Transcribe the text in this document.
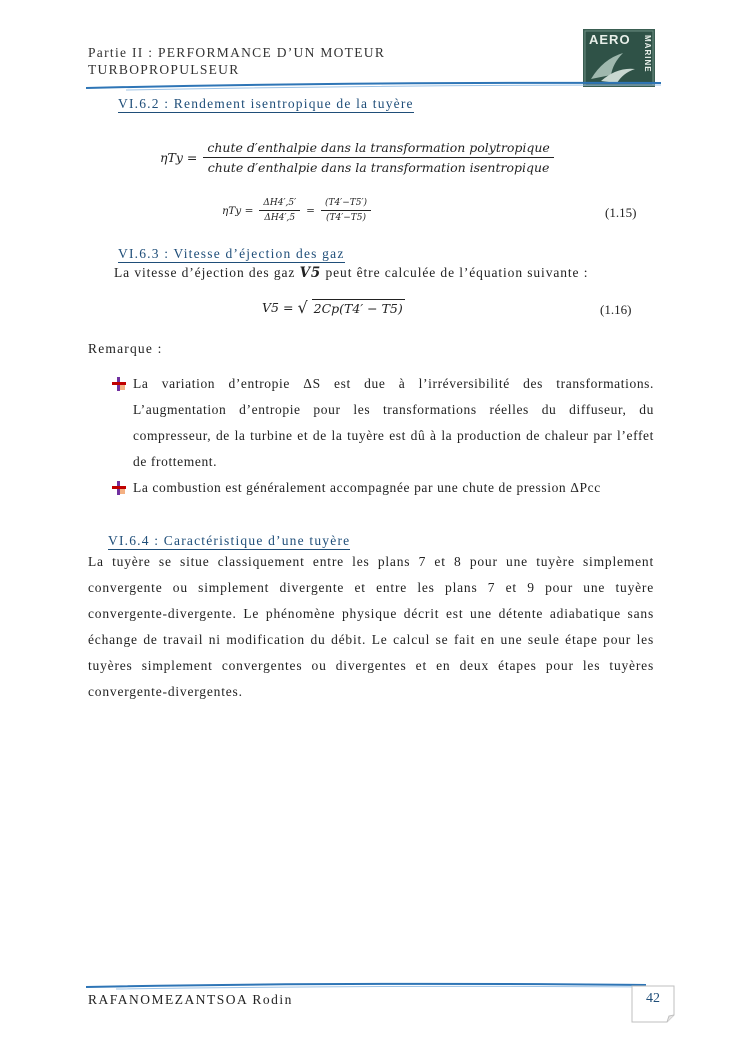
Partie II : PERFORMANCE D’UN MOTEUR
TURBOPROPULSEUR
AERO MARINE
VI.6.2 : Rendement isentropique de la tuyère
$\eta Ty = \frac{\text{chute d′enthalpie dans la transformation polytropique}}{\text{chute d′enthalpie dans la transformation isentropique}}$
$\eta Ty = \frac{\Delta H4',5'}{\Delta H4',5} = \frac{(T4'-T5')}{(T4'-T5)}$	(1.15)
VI.6.3 : Vitesse d’éjection des gaz
La vitesse d’éjection des gaz V5 peut être calculée de l’équation suivante :
V5 = √ 2Cp(T4′ − T5)	(1.16)
Remarque :
La variation d’entropie ΔS est due à l’irréversibilité des transformations. L’augmentation d’entropie pour les transformations réelles du diffuseur, du compresseur, de la turbine et de la tuyère est dû à la production de chaleur par l’effet de frottement.
La combustion est généralement accompagnée par une chute de pression ΔPcc
VI.6.4 : Caractéristique d’une tuyère
La tuyère se situe classiquement entre les plans 7 et 8 pour une tuyère simplement convergente ou simplement divergente et entre les plans 7 et 9 pour une tuyère convergente-divergente. Le phénomène physique décrit est une détente adiabatique sans échange de travail ni modification du débit. Le calcul se fait en une seule étape pour les tuyères simplement convergentes ou divergentes et en deux étapes pour les tuyères convergente-divergentes.
RAFANOMEZANTSOA Rodin	42
